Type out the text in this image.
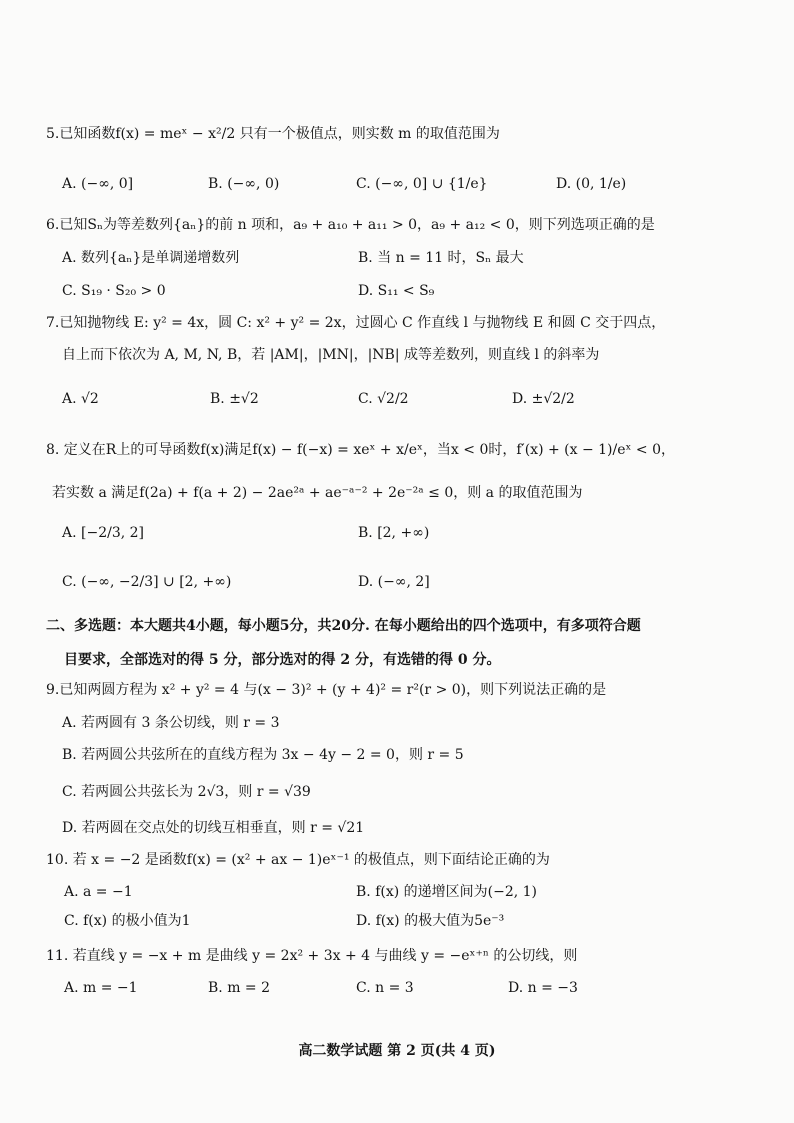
5.已知函数f(x) = meˣ − x²/2 只有一个极值点，则实数 m 的取值范围为
A. (−∞, 0]	B. (−∞, 0)	C. (−∞, 0] ∪ {1/e}	D. (0, 1/e)
6.已知Sₙ为等差数列{aₙ}的前 n 项和，a₉ + a₁₀ + a₁₁ > 0，a₉ + a₁₂ < 0，则下列选项正确的是
A. 数列{aₙ}是单调递增数列	B. 当 n = 11 时，Sₙ 最大
C. S₁₉ · S₂₀ > 0	D. S₁₁ < S₉
7.已知抛物线 E: y² = 4x，圆 C: x² + y² = 2x，过圆心 C 作直线 l 与抛物线 E 和圆 C 交于四点，
自上而下依次为 A, M, N, B，若 |AM|，|MN|，|NB| 成等差数列，则直线 l 的斜率为
A. √2	B. ±√2	C. √2/2	D. ±√2/2
8. 定义在R上的可导函数f(x)满足f(x) − f(−x) = xeˣ + x/eˣ，当x < 0时，f′(x) + (x − 1)/eˣ < 0，
若实数 a 满足f(2a) + f(a + 2) − 2ae²ᵃ + ae⁻ᵃ⁻² + 2e⁻²ᵃ ≤ 0，则 a 的取值范围为
A. [−2/3, 2]	B. [2, +∞)
C. (−∞, −2/3] ∪ [2, +∞)	D. (−∞, 2]
二、多选题：本大题共4小题，每小题5分，共20分. 在每小题给出的四个选项中，有多项符合题
目要求，全部选对的得 5 分，部分选对的得 2 分，有选错的得 0 分。
9.已知两圆方程为 x² + y² = 4 与(x − 3)² + (y + 4)² = r²(r > 0)，则下列说法正确的是
A. 若两圆有 3 条公切线，则 r = 3
B. 若两圆公共弦所在的直线方程为 3x − 4y − 2 = 0，则 r = 5
C. 若两圆公共弦长为 2√3，则 r = √39
D. 若两圆在交点处的切线互相垂直，则 r = √21
10. 若 x = −2 是函数f(x) = (x² + ax − 1)eˣ⁻¹ 的极值点，则下面结论正确的为
A. a = −1	B. f(x) 的递增区间为(−2, 1)
C. f(x) 的极小值为1	D. f(x) 的极大值为5e⁻³
11. 若直线 y = −x + m 是曲线 y = 2x² + 3x + 4 与曲线 y = −eˣ⁺ⁿ 的公切线，则
A. m = −1	B. m = 2	C. n = 3	D. n = −3
高二数学试题 第 2 页(共 4 页)
